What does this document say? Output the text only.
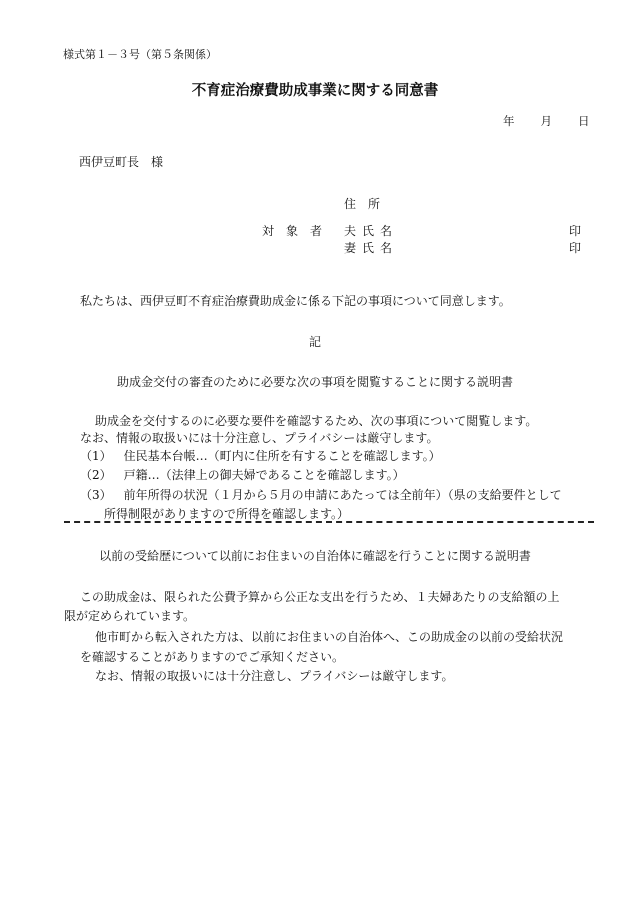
様式第１－３号（第５条関係）
不育症治療費助成事業に関する同意書
年 月 日
西伊豆町長　様
住　所
対　象　者 夫氏名
妻氏名
印
印
私たちは、西伊豆町不育症治療費助成金に係る下記の事項について同意します。
記
助成金交付の審査のために必要な次の事項を閲覧することに関する説明書
助成金を交付するのに必要な要件を確認するため、次の事項について閲覧します。
なお、情報の取扱いには十分注意し、プライバシーは厳守します。
（1） 住民基本台帳…（町内に住所を有することを確認します。）
（2） 戸籍…（法律上の御夫婦であることを確認します。）
（3） 前年所得の状況（１月から５月の申請にあたっては全前年）（県の支給要件として
所得制限がありますので所得を確認します。）
以前の受給歴について以前にお住まいの自治体に確認を行うことに関する説明書
この助成金は、限られた公費予算から公正な支出を行うため、１夫婦あたりの支給額の上
限が定められています。
他市町から転入された方は、以前にお住まいの自治体へ、この助成金の以前の受給状況
を確認することがありますのでご承知ください。
なお、情報の取扱いには十分注意し、プライバシーは厳守します。
